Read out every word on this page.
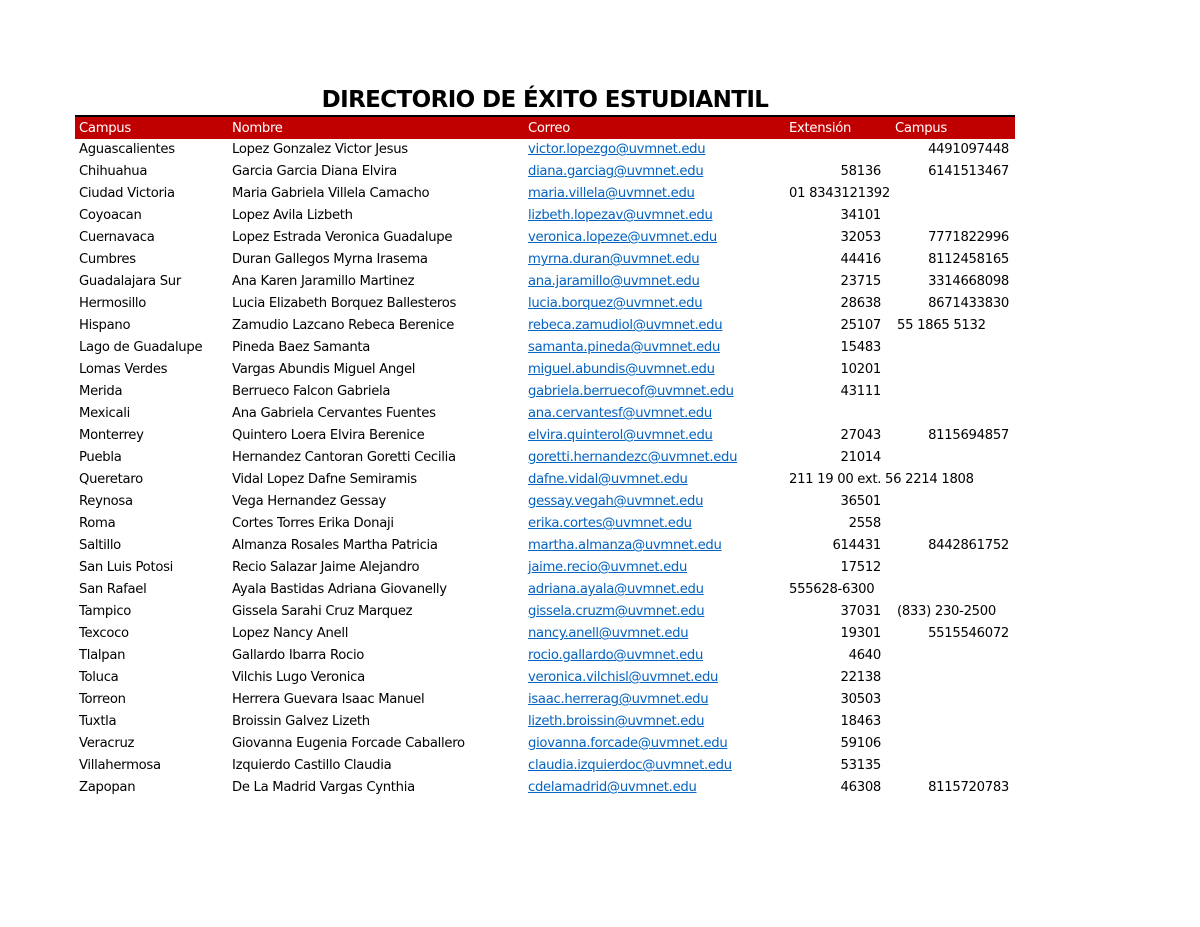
DIRECTORIO DE ÉXITO ESTUDIANTIL
Campus	Nombre	Correo	Extensión	Campus
Aguascalientes	Lopez Gonzalez Victor Jesus	victor.lopezgo@uvmnet.edu		4491097448
Chihuahua	Garcia Garcia Diana Elvira	diana.garciag@uvmnet.edu	58136	6141513467
Ciudad Victoria	Maria Gabriela Villela Camacho	maria.villela@uvmnet.edu	01 8343121392	
Coyoacan	Lopez Avila Lizbeth	lizbeth.lopezav@uvmnet.edu	34101	
Cuernavaca	Lopez Estrada Veronica Guadalupe	veronica.lopeze@uvmnet.edu	32053	7771822996
Cumbres	Duran Gallegos Myrna Irasema	myrna.duran@uvmnet.edu	44416	8112458165
Guadalajara Sur	Ana Karen Jaramillo Martinez	ana.jaramillo@uvmnet.edu	23715	3314668098
Hermosillo	Lucia Elizabeth Borquez Ballesteros	lucia.borquez@uvmnet.edu	28638	8671433830
Hispano	Zamudio Lazcano Rebeca Berenice	rebeca.zamudiol@uvmnet.edu	25107	55 1865 5132
Lago de Guadalupe	Pineda Baez Samanta	samanta.pineda@uvmnet.edu	15483	
Lomas Verdes	Vargas Abundis Miguel Angel	miguel.abundis@uvmnet.edu	10201	
Merida	Berrueco Falcon Gabriela	gabriela.berruecof@uvmnet.edu	43111	
Mexicali	Ana Gabriela Cervantes Fuentes	ana.cervantesf@uvmnet.edu		
Monterrey	Quintero Loera Elvira Berenice	elvira.quinterol@uvmnet.edu	27043	8115694857
Puebla	Hernandez Cantoran Goretti Cecilia	goretti.hernandezc@uvmnet.edu	21014	
Queretaro	Vidal Lopez Dafne Semiramis	dafne.vidal@uvmnet.edu	211 19 00 ext. 56 2214 1808	
Reynosa	Vega Hernandez Gessay	gessay.vegah@uvmnet.edu	36501	
Roma	Cortes Torres Erika Donaji	erika.cortes@uvmnet.edu	2558	
Saltillo	Almanza Rosales Martha Patricia	martha.almanza@uvmnet.edu	614431	8442861752
San Luis Potosi	Recio Salazar Jaime Alejandro	jaime.recio@uvmnet.edu	17512	
San Rafael	Ayala Bastidas Adriana Giovanelly	adriana.ayala@uvmnet.edu	555628-6300	
Tampico	Gissela Sarahi Cruz Marquez	gissela.cruzm@uvmnet.edu	37031	(833) 230-2500
Texcoco	Lopez Nancy Anell	nancy.anell@uvmnet.edu	19301	5515546072
Tlalpan	Gallardo Ibarra Rocio	rocio.gallardo@uvmnet.edu	4640	
Toluca	Vilchis Lugo Veronica	veronica.vilchisl@uvmnet.edu	22138	
Torreon	Herrera Guevara Isaac Manuel	isaac.herrerag@uvmnet.edu	30503	
Tuxtla	Broissin Galvez Lizeth	lizeth.broissin@uvmnet.edu	18463	
Veracruz	Giovanna Eugenia Forcade Caballero	giovanna.forcade@uvmnet.edu	59106	
Villahermosa	Izquierdo Castillo Claudia	claudia.izquierdoc@uvmnet.edu	53135	
Zapopan	De La Madrid Vargas Cynthia	cdelamadrid@uvmnet.edu	46308	8115720783
